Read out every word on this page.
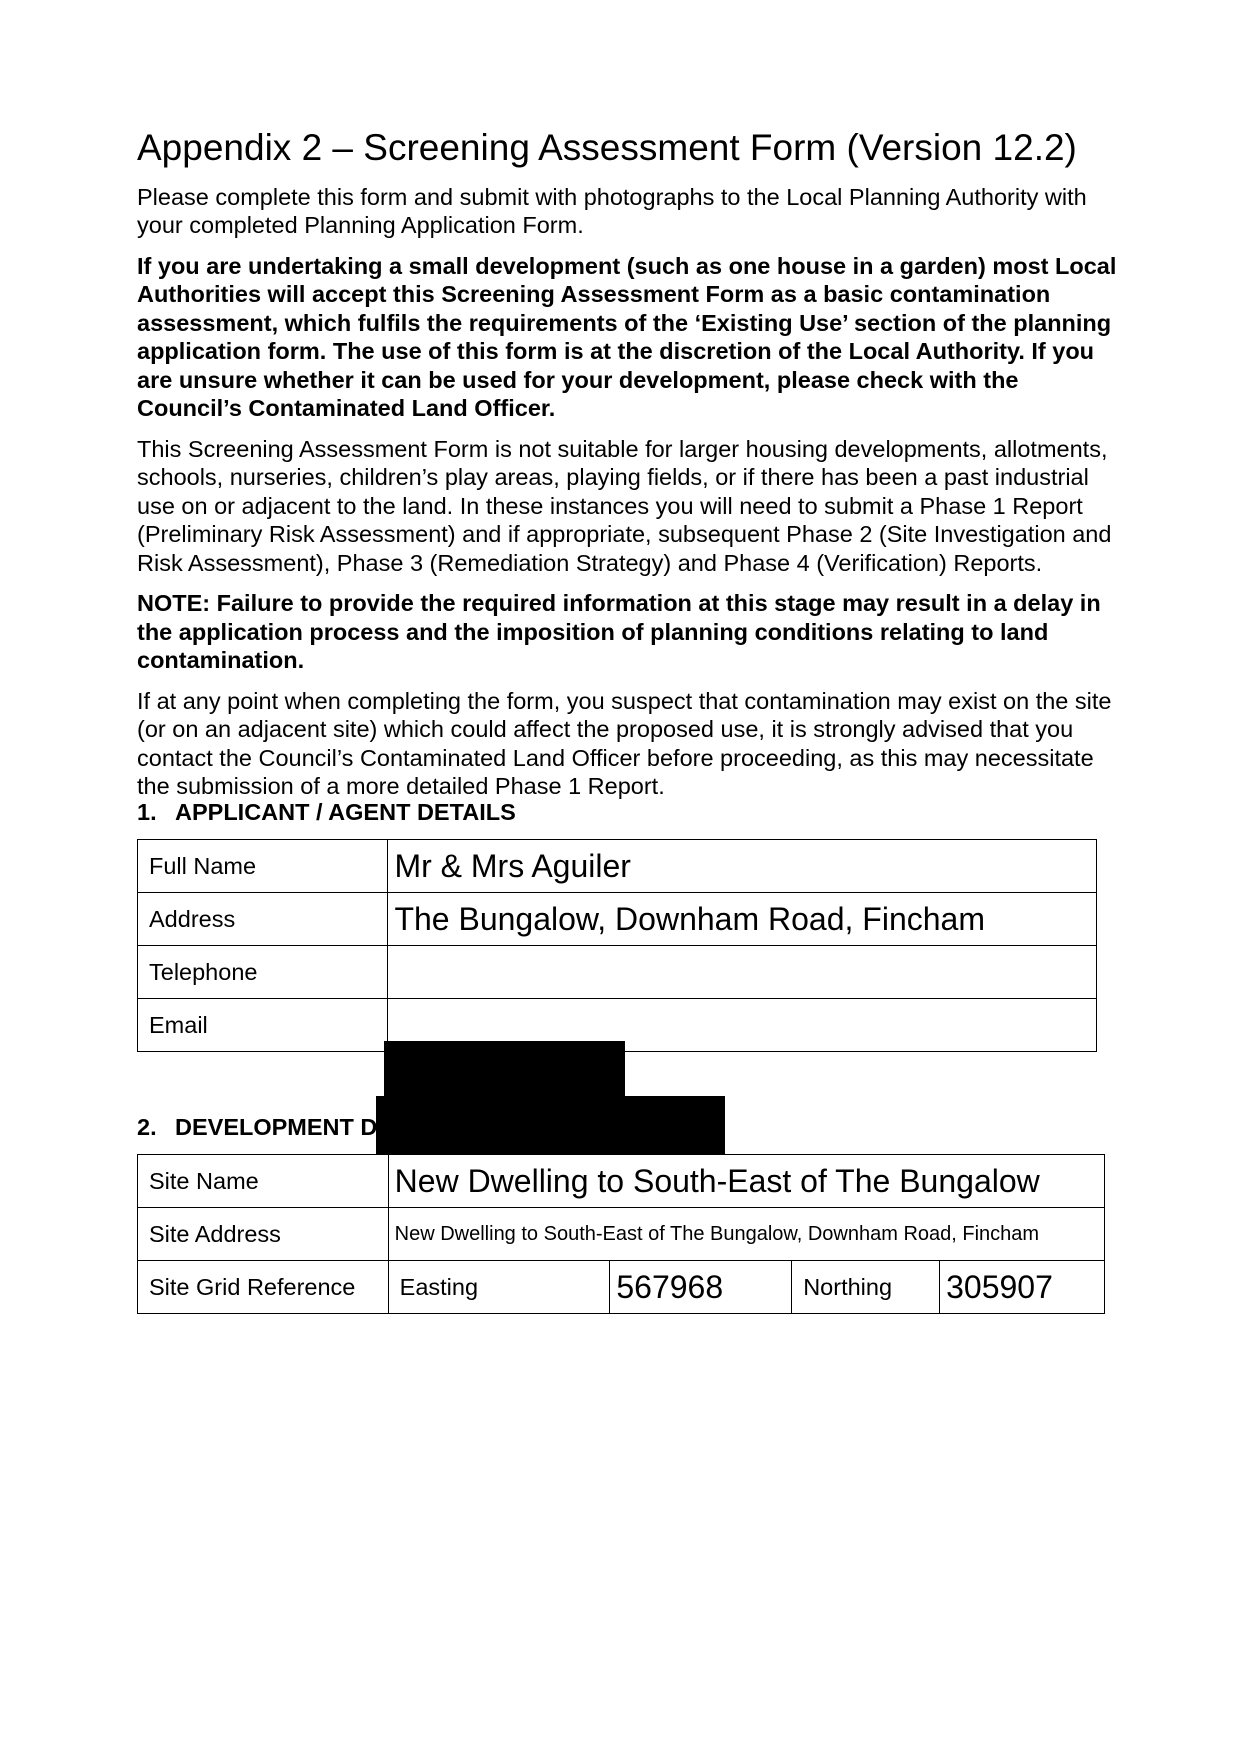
Appendix 2 – Screening Assessment Form (Version 12.2)

Please complete this form and submit with photographs to the Local Planning Authority with your completed Planning Application Form.

If you are undertaking a small development (such as one house in a garden) most Local Authorities will accept this Screening Assessment Form as a basic contamination assessment, which fulfils the requirements of the ‘Existing Use’ section of the planning application form. The use of this form is at the discretion of the Local Authority. If you are unsure whether it can be used for your development, please check with the Council’s Contaminated Land Officer.

This Screening Assessment Form is not suitable for larger housing developments, allotments, schools, nurseries, children’s play areas, playing fields, or if there has been a past industrial use on or adjacent to the land. In these instances you will need to submit a Phase 1 Report (Preliminary Risk Assessment) and if appropriate, subsequent Phase 2 (Site Investigation and Risk Assessment), Phase 3 (Remediation Strategy) and Phase 4 (Verification) Reports.

NOTE: Failure to provide the required information at this stage may result in a delay in the application process and the imposition of planning conditions relating to land contamination.

If at any point when completing the form, you suspect that contamination may exist on the site (or on an adjacent site) which could affect the proposed use, it is strongly advised that you contact the Council’s Contaminated Land Officer before proceeding, as this may necessitate the submission of a more detailed Phase 1 Report.

1. APPLICANT / AGENT DETAILS
Full Name	Mr & Mrs Aguiler
Address	The Bungalow, Downham Road, Fincham
Telephone	
Email	
2. DEVELOPMENT DETAILS
Site Name	New Dwelling to South-East of The Bungalow			
Site Address	New Dwelling to South-East of The Bungalow, Downham Road, Fincham			
Site Grid Reference	Easting	567968	Northing	305907
